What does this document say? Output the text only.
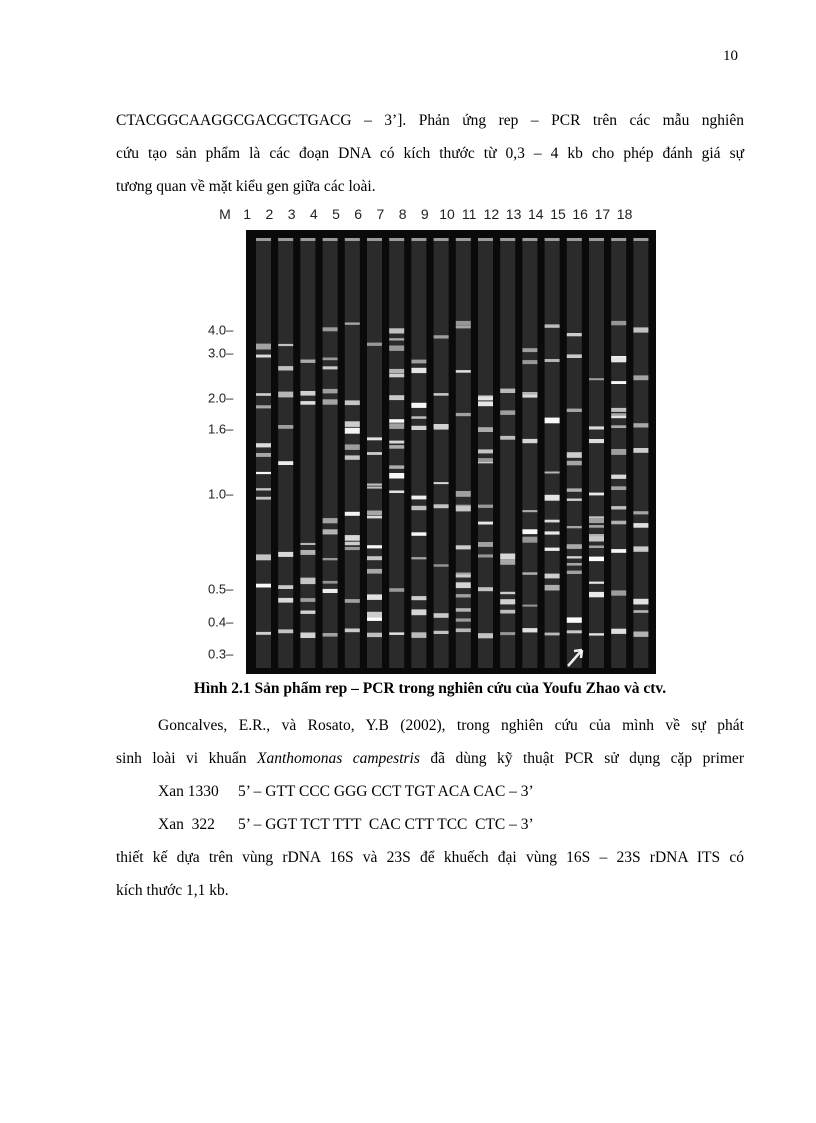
10

CTACGGCAAGGCGACGCTGACG – 3’]. Phản ứng rep – PCR trên các mẫu nghiên

cứu tạo sản phẩm là các đoạn DNA có kích thước từ 0,3 – 4 kb cho phép đánh giá sự

tương quan về mặt kiểu gen giữa các loài.

M 1 2 3 4 5 6 7 8 9 10 11 12 13 14 15 16 17 18
4.0–
3.0–
2.0–
1.6–
1.0–
0.5–
0.4–
0.3–
Hình 2.1 Sản phẩm rep – PCR trong nghiên cứu của Youfu Zhao và ctv.

Goncalves, E.R., và Rosato, Y.B (2002), trong nghiên cứu của mình về sự phát

sinh loài vi khuẩn Xanthomonas campestris đã dùng kỹ thuật PCR sử dụng cặp primer

Xan 1330 5’ – GTT CCC GGG CCT TGT ACA CAC – 3’

Xan  322 5’ – GGT TCT TTT  CAC CTT TCC  CTC – 3’

thiết kế dựa trên vùng rDNA 16S và 23S để khuếch đại vùng 16S – 23S rDNA ITS có

kích thước 1,1 kb.
